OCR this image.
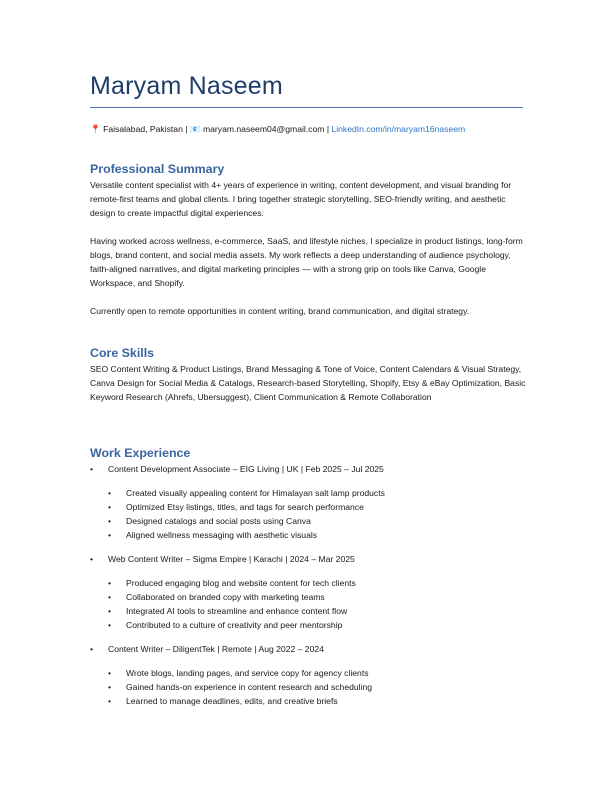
Maryam Naseem
📍 Faisalabad, Pakistan | 📧 maryam.naseem04@gmail.com | LinkedIn.com/in/maryam16naseem
Professional Summary

Versatile content specialist with 4+ years of experience in writing, content development, and visual branding for remote-first teams and global clients. I bring together strategic storytelling, SEO-friendly writing, and aesthetic design to create impactful digital experiences.

Having worked across wellness, e-commerce, SaaS, and lifestyle niches, I specialize in product listings, long-form blogs, brand content, and social media assets. My work reflects a deep understanding of audience psychology, faith-aligned narratives, and digital marketing principles — with a strong grip on tools like Canva, Google Workspace, and Shopify.

Currently open to remote opportunities in content writing, brand communication, and digital strategy.

Core Skills
SEO Content Writing & Product Listings, Brand Messaging & Tone of Voice, Content Calendars & Visual Strategy, Canva Design for Social Media & Catalogs, Research-based Storytelling, Shopify, Etsy & eBay Optimization, Basic Keyword Research (Ahrefs, Ubersuggest), Client Communication & Remote Collaboration
Work Experience
• Content Development Associate – EIG Living | UK | Feb 2025 – Jul 2025
• Created visually appealing content for Himalayan salt lamp products
• Optimized Etsy listings, titles, and tags for search performance
• Designed catalogs and social posts using Canva
• Aligned wellness messaging with aesthetic visuals
• Web Content Writer – Sigma Empire | Karachi | 2024 – Mar 2025
• Produced engaging blog and website content for tech clients
• Collaborated on branded copy with marketing teams
• Integrated AI tools to streamline and enhance content flow
• Contributed to a culture of creativity and peer mentorship
• Content Writer – DiligentTek | Remote | Aug 2022 – 2024
• Wrote blogs, landing pages, and service copy for agency clients
• Gained hands-on experience in content research and scheduling
• Learned to manage deadlines, edits, and creative briefs
